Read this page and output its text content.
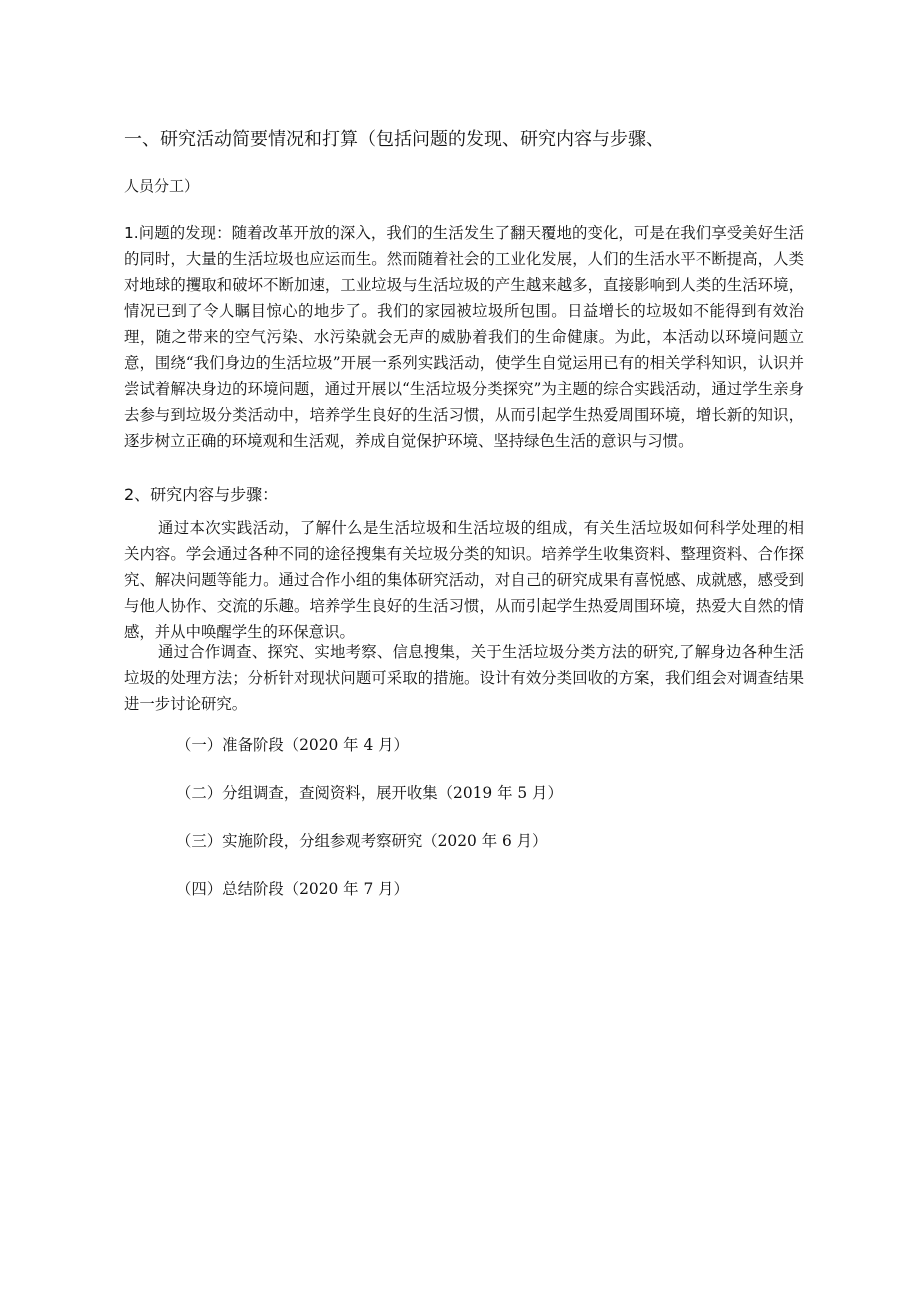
一、研究活动简要情况和打算（包括问题的发现、研究内容与步骤、
人员分工）

1.问题的发现：随着改革开放的深入，我们的生活发生了翻天覆地的变化，可是在我们享受美好生活的同时，大量的生活垃圾也应运而生。然而随着社会的工业化发展，人们的生活水平不断提高，人类对地球的攫取和破坏不断加速，工业垃圾与生活垃圾的产生越来越多，直接影响到人类的生活环境，情况已到了令人瞩目惊心的地步了。我们的家园被垃圾所包围。日益增长的垃圾如不能得到有效治理，随之带来的空气污染、水污染就会无声的威胁着我们的生命健康。为此，本活动以环境问题立意，围绕“我们身边的生活垃圾”开展一系列实践活动，使学生自觉运用已有的相关学科知识，认识并尝试着解决身边的环境问题，通过开展以“生活垃圾分类探究”为主题的综合实践活动，通过学生亲身去参与到垃圾分类活动中，培养学生良好的生活习惯，从而引起学生热爱周围环境，增长新的知识，逐步树立正确的环境观和生活观，养成自觉保护环境、坚持绿色生活的意识与习惯。

2、研究内容与步骤：

通过本次实践活动，了解什么是生活垃圾和生活垃圾的组成，有关生活垃圾如何科学处理的相关内容。学会通过各种不同的途径搜集有关垃圾分类的知识。培养学生收集资料、整理资料、合作探究、解决问题等能力。通过合作小组的集体研究活动，对自己的研究成果有喜悦感、成就感，感受到与他人协作、交流的乐趣。培养学生良好的生活习惯，从而引起学生热爱周围环境，热爱大自然的情感，并从中唤醒学生的环保意识。

通过合作调查、探究、实地考察、信息搜集，关于生活垃圾分类方法的研究,了解身边各种生活垃圾的处理方法；分析针对现状问题可采取的措施。设计有效分类回收的方案，我们组会对调查结果进一步讨论研究。

（一）准备阶段（2020 年 4 月）
（二）分组调查，查阅资料，展开收集（2019 年 5 月）
（三）实施阶段，分组参观考察研究（2020 年 6 月）
（四）总结阶段（2020 年 7 月）
